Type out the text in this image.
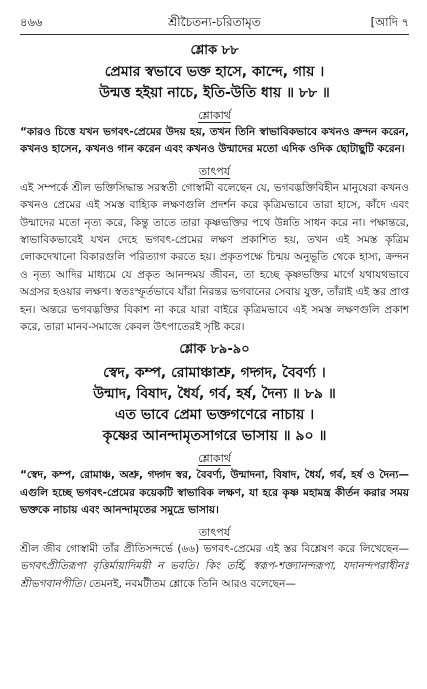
৪৬৬	শ্রীচৈতন্য-চরিতামৃত	[আদি ৭
শ্লোক ৮৮
প্রেমার স্বভাবে ভক্ত হাসে, কান্দে, গায় ।
উন্মত্ত হইয়া নাচে, ইতি-উতি ধায় ॥ ৮৮ ॥
শ্লোকার্থ

“কারও চিত্তে যখন ভগবৎ-প্রেমের উদয় হয়, তখন তিনি স্বাভাবিকভাবে কখনও ক্রন্দন করেন, কখনও হাসেন, কখনও গান করেন এবং কখনও উন্মাদের মতো এদিক ওদিক ছোটাছুটি করেন।

তাৎপর্য

এই সম্পর্কে শ্রীল ভক্তিসিদ্ধান্ত সরস্বতী গোস্বামী বলেছেন যে, ভগবদ্ভক্তিবিহীন মানুষেরা কখনও কখনও প্রেমের এই সমস্ত বাহ্যিক লক্ষণগুলি প্রদর্শন করে কৃত্রিমভাবে তারা হাসে, কাঁদে এবং উন্মাদের মতো নৃত্য করে, কিন্তু তাতে তারা কৃষ্ণভক্তির পথে উন্নতি সাধন করে না। পক্ষান্তরে, স্বাভাবিকভাবেই যখন দেহে ভগবৎ-প্রেমের লক্ষণ প্রকাশিত হয়, তখন এই সমস্ত কৃত্রিম লোকদেখানো বিকারগুলি পরিত্যাগ করতে হয়। প্রকৃতপক্ষে চিন্ময় অনুভূতি থেকে হাস্য, ক্রন্দন ও নৃত্য আদির মাধ্যমে যে প্রকৃত আনন্দময় জীবন, তা হচ্ছে কৃষ্ণভক্তির মার্গে যথাযথভাবে অগ্রসর হওয়ার লক্ষণ। স্বতঃস্ফূর্তভাবে যাঁরা নিরন্তর ভগবানের সেবায় যুক্ত, তাঁরাই এই স্তর প্রাপ্ত হন। অন্তরে ভগবদ্ভক্তির বিকাশ না করে যারা বাইরে কৃত্রিমভাবে এই সমস্ত লক্ষণগুলি প্রকাশ করে, তারা মানব-সমাজে কেবল উৎপাতেরই সৃষ্টি করে।

শ্লোক ৮৯-৯০
স্বেদ, কম্প, রোমাঞ্চাশ্রু, গদ্গদ, বৈবর্ণ্য ।
উন্মাদ, বিষাদ, ধৈর্য, গর্ব, হর্ষ, দৈন্য ॥ ৮৯ ॥
এত ভাবে প্রেমা ভক্তগণেরে নাচায় ।
কৃষ্ণের আনন্দামৃতসাগরে ভাসায় ॥ ৯০ ॥
শ্লোকার্থ

“স্বেদ, কম্প, রোমাঞ্চ, অশ্রু, গদ্গদ স্বর, বৈবর্ণ্য, উন্মাদনা, বিষাদ, ধৈর্য, গর্ব, হর্ষ ও দৈন্য—এগুলি হচ্ছে ভগবৎ-প্রেমের কয়েকটি স্বাভাবিক লক্ষণ, যা হরে কৃষ্ণ মহামন্ত্র কীর্তন করার সময় ভক্তকে নাচায় এবং আনন্দামৃতের সমুদ্রে ভাসায়।

তাৎপর্য

শ্রীল জীব গোস্বামী তাঁর প্রীতিসন্দর্ভে (৬৬) ভগবৎ-প্রেমের এই স্তর বিশ্লেষণ করে লিখেছেন—ভগবৎপ্রীতিরূপা বৃত্তির্মায়াদিময়ী ন ভবতি। কিং তর্হি, স্বরূপ-শক্ত্যানন্দরূপা, যদানন্দপরাধীনঃ শ্রীভগবানপীতি। তেমনই, নবমটীতম শ্লোকে তিনি আরও বলেছেন—
